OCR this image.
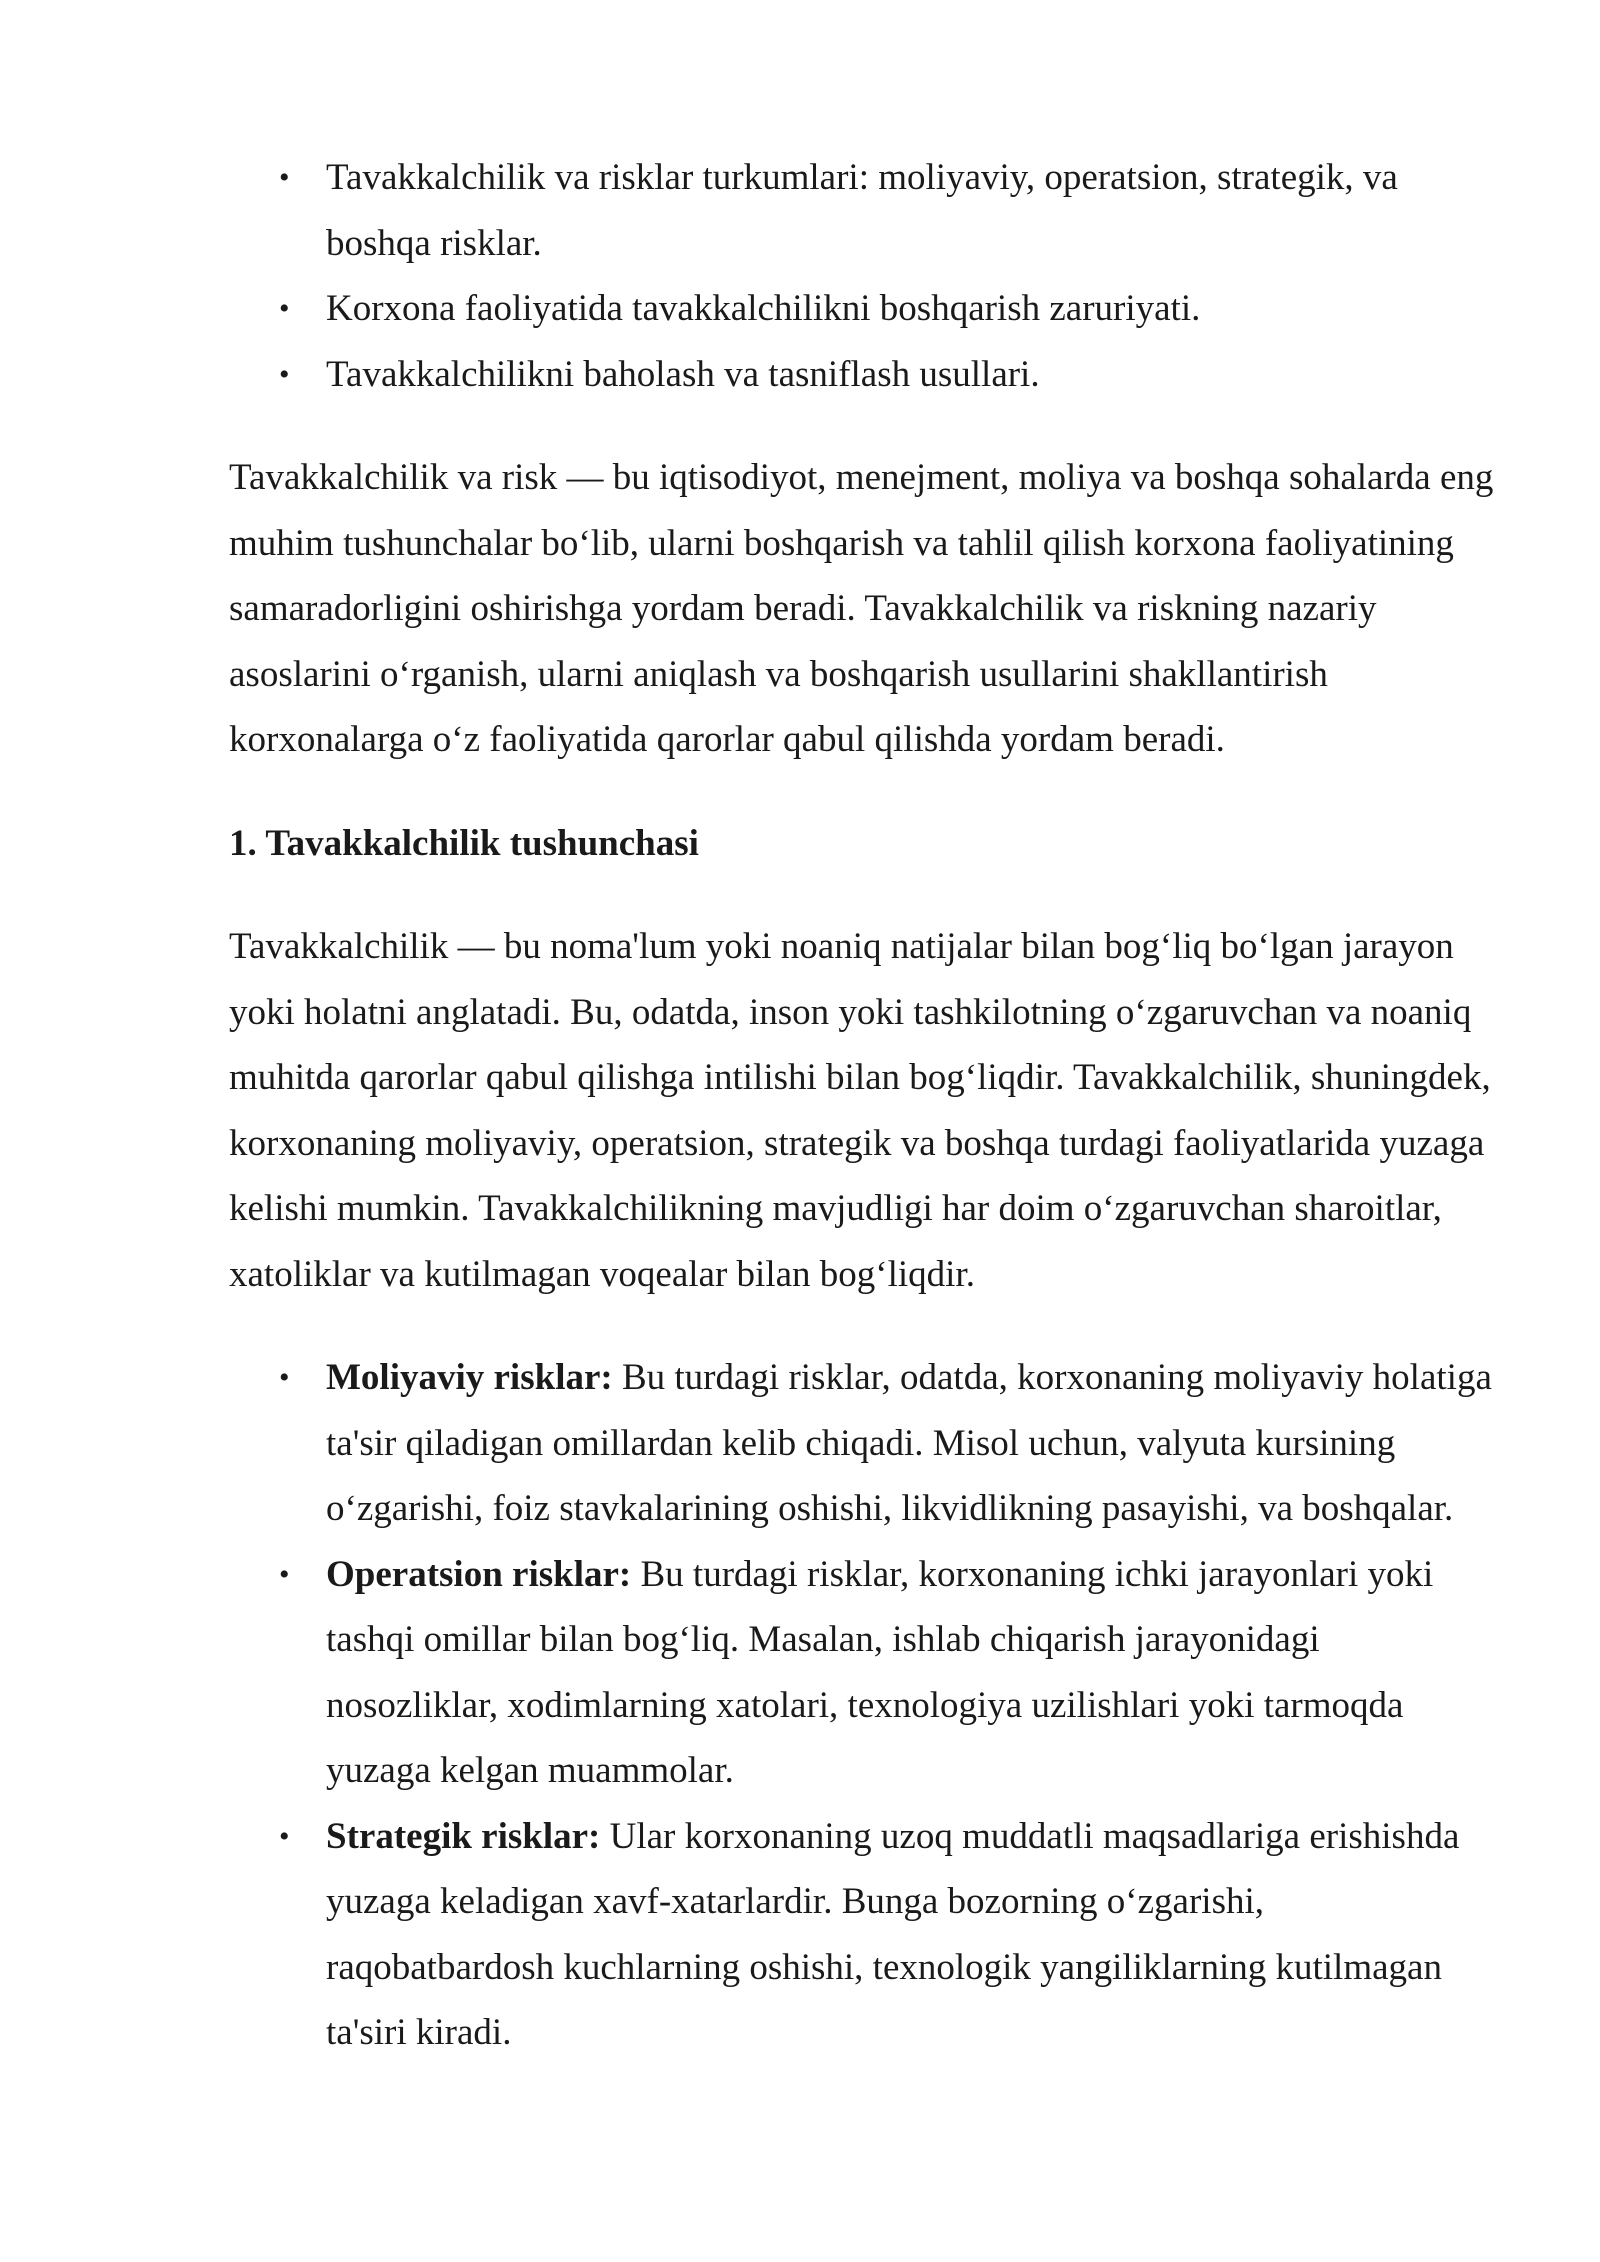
• Tavakkalchilik va risklar turkumlari: moliyaviy, operatsion, strategik, va boshqa risklar.
• Korxona faoliyatida tavakkalchilikni boshqarish zaruriyati.
• Tavakkalchilikni baholash va tasniflash usullari.

Tavakkalchilik va risk — bu iqtisodiyot, menejment, moliya va boshqa sohalarda eng muhim tushunchalar bo‘lib, ularni boshqarish va tahlil qilish korxona faoliyatining samaradorligini oshirishga yordam beradi. Tavakkalchilik va riskning nazariy asoslarini o‘rganish, ularni aniqlash va boshqarish usullarini shakllantirish korxonalarga o‘z faoliyatida qarorlar qabul qilishda yordam beradi.

1. Tavakkalchilik tushunchasi

Tavakkalchilik — bu noma'lum yoki noaniq natijalar bilan bog‘liq bo‘lgan jarayon yoki holatni anglatadi. Bu, odatda, inson yoki tashkilotning o‘zgaruvchan va noaniq muhitda qarorlar qabul qilishga intilishi bilan bog‘liqdir. Tavakkalchilik, shuningdek, korxonaning moliyaviy, operatsion, strategik va boshqa turdagi faoliyatlarida yuzaga kelishi mumkin. Tavakkalchilikning mavjudligi har doim o‘zgaruvchan sharoitlar, xatoliklar va kutilmagan voqealar bilan bog‘liqdir.

• Moliyaviy risklar: Bu turdagi risklar, odatda, korxonaning moliyaviy holatiga ta'sir qiladigan omillardan kelib chiqadi. Misol uchun, valyuta kursining o‘zgarishi, foiz stavkalarining oshishi, likvidlikning pasayishi, va boshqalar.
• Operatsion risklar: Bu turdagi risklar, korxonaning ichki jarayonlari yoki tashqi omillar bilan bog‘liq. Masalan, ishlab chiqarish jarayonidagi nosozliklar, xodimlarning xatolari, texnologiya uzilishlari yoki tarmoqda yuzaga kelgan muammolar.
• Strategik risklar: Ular korxonaning uzoq muddatli maqsadlariga erishishda yuzaga keladigan xavf-xatarlardir. Bunga bozorning o‘zgarishi, raqobatbardosh kuchlarning oshishi, texnologik yangiliklarning kutilmagan ta'siri kiradi.
